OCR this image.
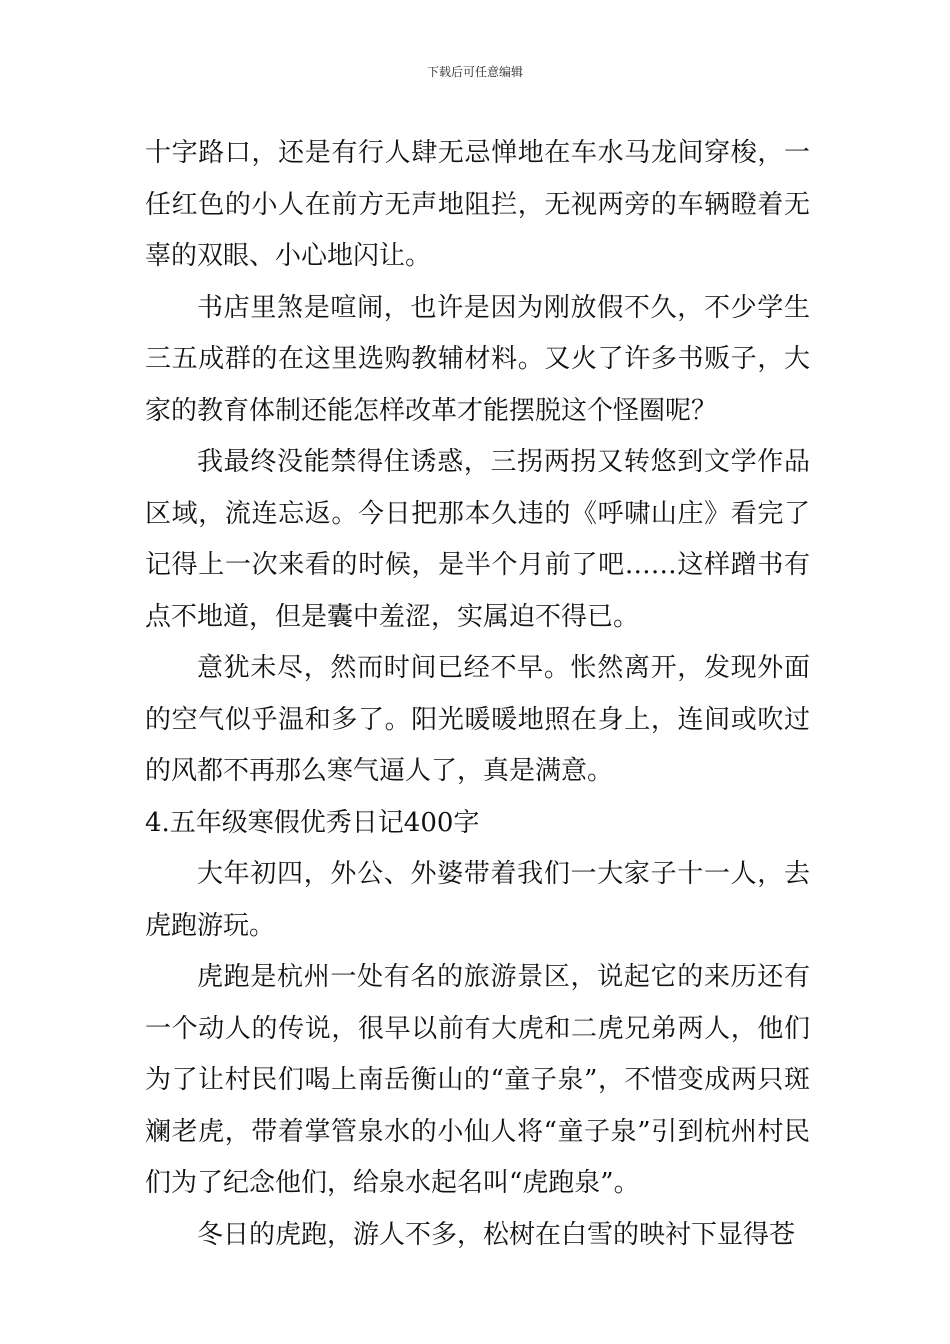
下载后可任意编辑

十字路口，还是有行人肆无忌惮地在车水马龙间穿梭，一任红色的小人在前方无声地阻拦，无视两旁的车辆瞪着无辜的双眼、小心地闪让。

书店里煞是喧闹，也许是因为刚放假不久，不少学生三五成群的在这里选购教辅材料。又火了许多书贩子，大家的教育体制还能怎样改革才能摆脱这个怪圈呢？

我最终没能禁得住诱惑，三拐两拐又转悠到文学作品区域，流连忘返。今日把那本久违的《呼啸山庄》看完了记得上一次来看的时候，是半个月前了吧……这样蹭书有点不地道，但是囊中羞涩，实属迫不得已。

意犹未尽，然而时间已经不早。怅然离开，发现外面的空气似乎温和多了。阳光暖暖地照在身上，连间或吹过的风都不再那么寒气逼人了，真是满意。

4.五年级寒假优秀日记400字

大年初四，外公、外婆带着我们一大家子十一人，去虎跑游玩。

虎跑是杭州一处有名的旅游景区，说起它的来历还有一个动人的传说，很早以前有大虎和二虎兄弟两人，他们为了让村民们喝上南岳衡山的“童子泉”，不惜变成两只斑斓老虎，带着掌管泉水的小仙人将“童子泉”引到杭州村民们为了纪念他们，给泉水起名叫“虎跑泉”。

冬日的虎跑，游人不多，松树在白雪的映衬下显得苍
